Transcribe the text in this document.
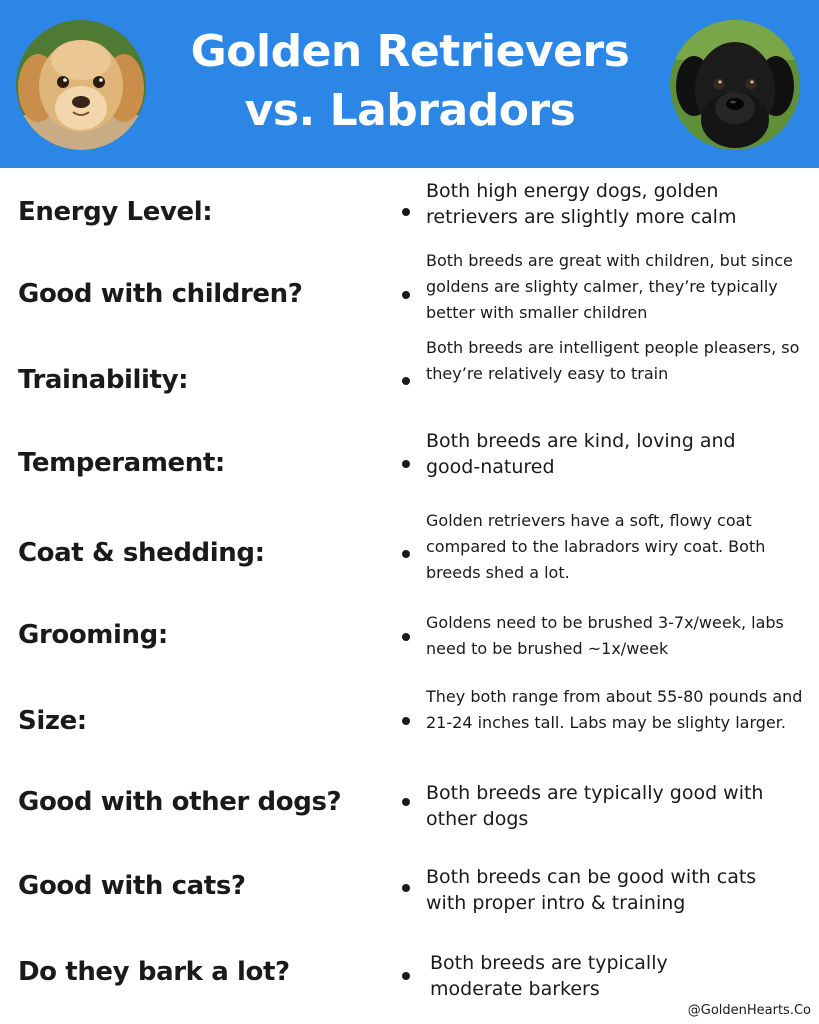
Golden Retrievers
vs. Labradors
Energy Level:
Both high energy dogs, golden retrievers are slightly more calm
Good with children?
Both breeds are great with children, but since goldens are slighty calmer, they’re typically better with smaller children
Trainability:
Both breeds are intelligent people pleasers, so they’re relatively easy to train
Temperament:
Both breeds are kind, loving and good-natured
Coat & shedding:
Golden retrievers have a soft, flowy coat compared to the labradors wiry coat. Both breeds shed a lot.
Grooming:	Goldens need to be brushed 3-7x/week, labs need to be brushed ~1x/week
Size:
They both range from about 55-80 pounds and 21-24 inches tall. Labs may be slighty larger.
Good with other dogs?	Both breeds are typically good with other dogs
Good with cats?	Both breeds can be good with cats with proper intro & training
Do they bark a lot?	Both breeds are typically moderate barkers
@GoldenHearts.Co
